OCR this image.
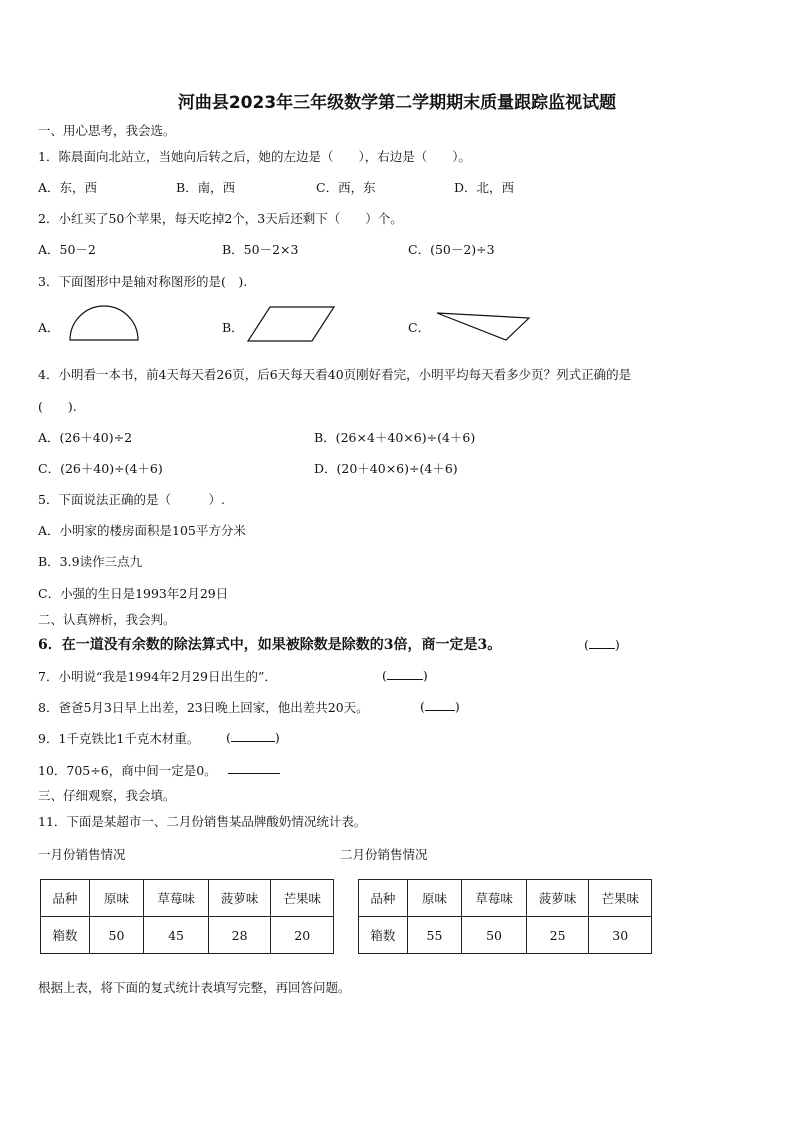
河曲县2023年三年级数学第二学期期末质量跟踪监视试题
一、用心思考，我会选。
1．陈晨面向北站立，当她向后转之后，她的左边是（　　），右边是（　　）。
A．东，西	B．南，西	C．西，东	D．北，西
2．小红买了50个苹果，每天吃掉2个，3天后还剩下（　　）个。
A．50－2	B．50－2×3	C．(50－2)÷3
3．下面图形中是轴对称图形的是(　).
A．	B．	C．
4．小明看一本书，前4天每天看26页，后6天每天看40页刚好看完，小明平均每天看多少页？列式正确的是
(　　).
A．(26＋40)÷2	B．(26×4＋40×6)÷(4＋6)
C．(26＋40)÷(4＋6)	D．(20＋40×6)÷(4＋6)
5．下面说法正确的是（　　　）.
A．小明家的楼房面积是105平方分米
B．3.9读作三点九
C．小强的生日是1993年2月29日
二、认真辨析，我会判。
6．在一道没有余数的除法算式中，如果被除数是除数的3倍，商一定是3。	( )
7．小明说“我是1994年2月29日出生的”．	(	)
8．爸爸5月3日早上出差，23日晚上回家，他出差共20天。	( )
9．1千克铁比1千克木材重。 (	)
10．705÷6，商中间一定是0。
三、仔细观察，我会填。
11．下面是某超市一、二月份销售某品牌酸奶情况统计表。
一月份销售情况	二月份销售情况
品种	原味	草莓味	菠萝味	芒果味
箱数	50	45	28	20
品种	原味	草莓味	菠萝味	芒果味
箱数	55	50	25	30
根据上表，将下面的复式统计表填写完整，再回答问题。
